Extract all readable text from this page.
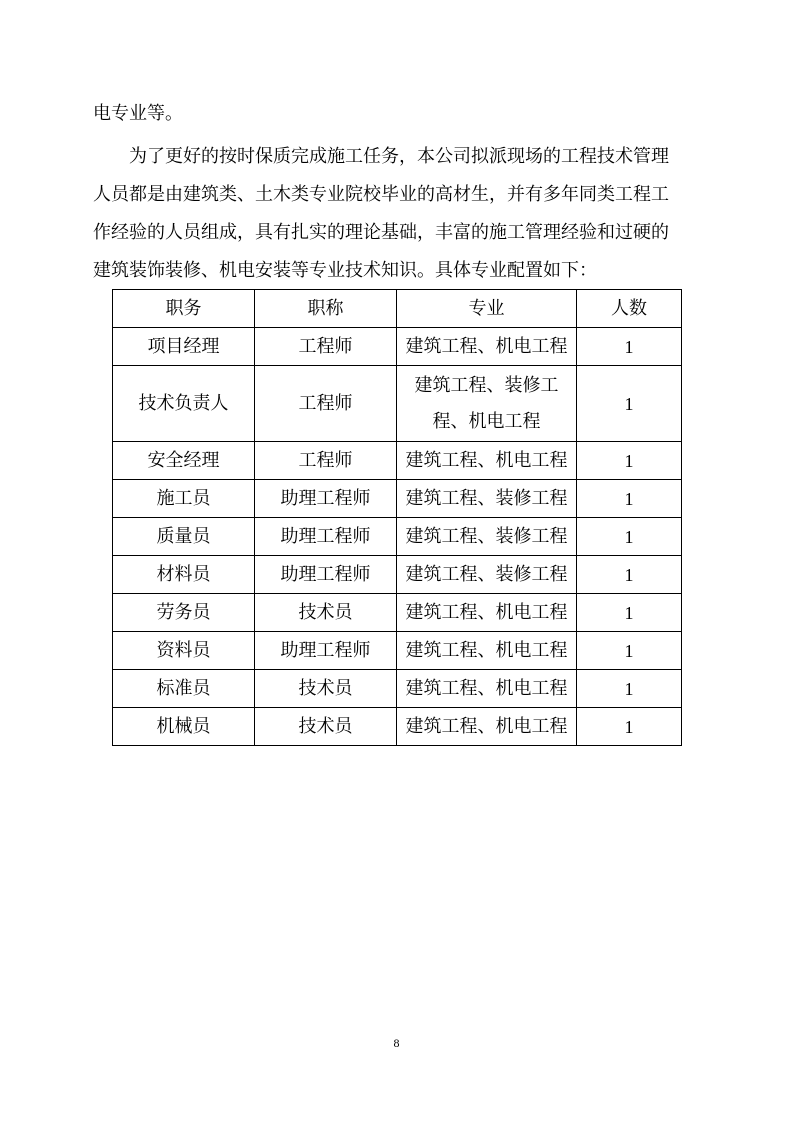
电专业等。

为了更好的按时保质完成施工任务，本公司拟派现场的工程技术管理

人员都是由建筑类、土木类专业院校毕业的高材生，并有多年同类工程工

作经验的人员组成，具有扎实的理论基础，丰富的施工管理经验和过硬的

建筑装饰装修、机电安装等专业技术知识。具体专业配置如下：

职务	职称	专业	人数
项目经理	工程师	建筑工程、机电工程	1
技术负责人	工程师	建筑工程、装修工程、机电工程	1
安全经理	工程师	建筑工程、机电工程	1
施工员	助理工程师	建筑工程、装修工程	1
质量员	助理工程师	建筑工程、装修工程	1
材料员	助理工程师	建筑工程、装修工程	1
劳务员	技术员	建筑工程、机电工程	1
资料员	助理工程师	建筑工程、机电工程	1
标准员	技术员	建筑工程、机电工程	1
机械员	技术员	建筑工程、机电工程	1
8
